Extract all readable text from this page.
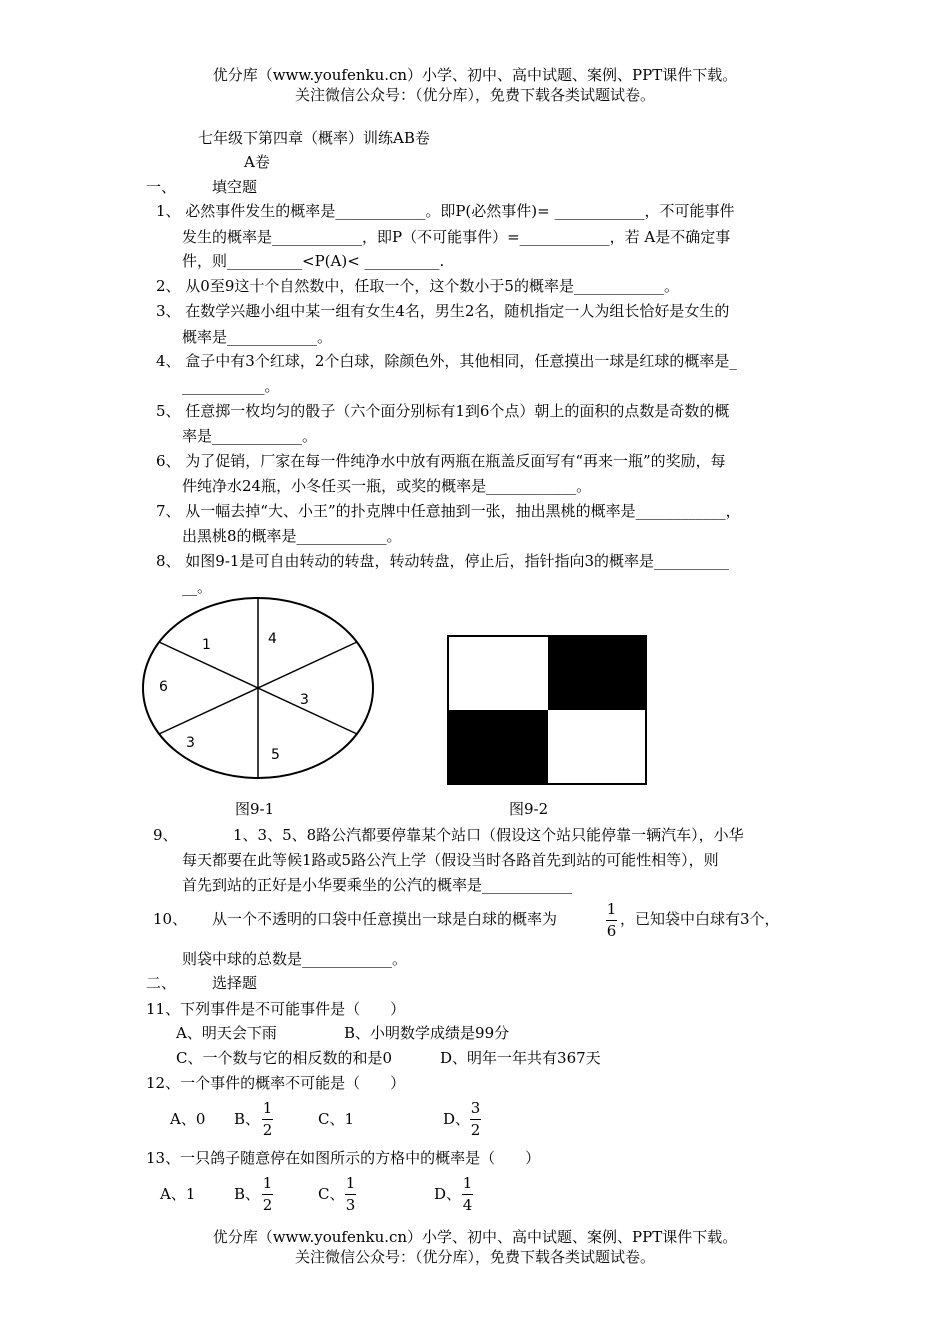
优分库（www.youfenku.cn）小学、初中、高中试题、案例、PPT课件下载。
关注微信公众号：（优分库），免费下载各类试题试卷。
七年级下第四章（概率）训练AB卷
A卷
一、 填空题
1、 必然事件发生的概率是____________。即P(必然事件)= ____________，不可能事件
发生的概率是____________，即P（不可能事件）=____________，若 A是不确定事
件，则__________<P(A)< __________.
2、 从0至9这十个自然数中，任取一个，这个数小于5的概率是____________。
3、 在数学兴趣小组中某一组有女生4名，男生2名，随机指定一人为组长恰好是女生的
概率是____________。
4、 盒子中有3个红球，2个白球，除颜色外，其他相同，任意摸出一球是红球的概率是_
___________。
5、 任意掷一枚均匀的骰子（六个面分别标有1到6个点）朝上的面积的点数是奇数的概
率是____________。
6、 为了促销，厂家在每一件纯净水中放有两瓶在瓶盖反面写有“再来一瓶”的奖励，每
件纯净水24瓶，小冬任买一瓶，或奖的概率是____________。
7、 从一幅去掉“大、小王”的扑克牌中任意抽到一张，抽出黑桃的概率是____________，
出黑桃8的概率是____________。
8、 如图9-1是可自由转动的转盘，转动转盘，停止后，指针指向3的概率是__________
__。
1	4
6
3
3
5
图9-1	图9-2
9、	1、3、5、8路公汽都要停靠某个站口（假设这个站只能停靠一辆汽车），小华
每天都要在此等候1路或5路公汽上学（假设当时各路首先到站的可能性相等），则
首先到站的正好是小华要乘坐的公汽的概率是____________
10、 从一个不透明的口袋中任意摸出一球是白球的概率为
1
6
，已知袋中白球有3个，
则袋中球的总数是____________。
二、 选择题
11、下列事件是不可能事件是（　　）
A、明天会下雨	B、小明数学成绩是99分
C、一个数与它的相反数的和是0	D、明年一年共有367天
12、一个事件的概率不可能是（　　）
A、0 B、
1
2
C、1	D、
3
2
13、一只鸽子随意停在如图所示的方格中的概率是（　　）
A、1	B、
1
2
C、
1
3
D、
1
4
优分库（www.youfenku.cn）小学、初中、高中试题、案例、PPT课件下载。
关注微信公众号：（优分库），免费下载各类试题试卷。
